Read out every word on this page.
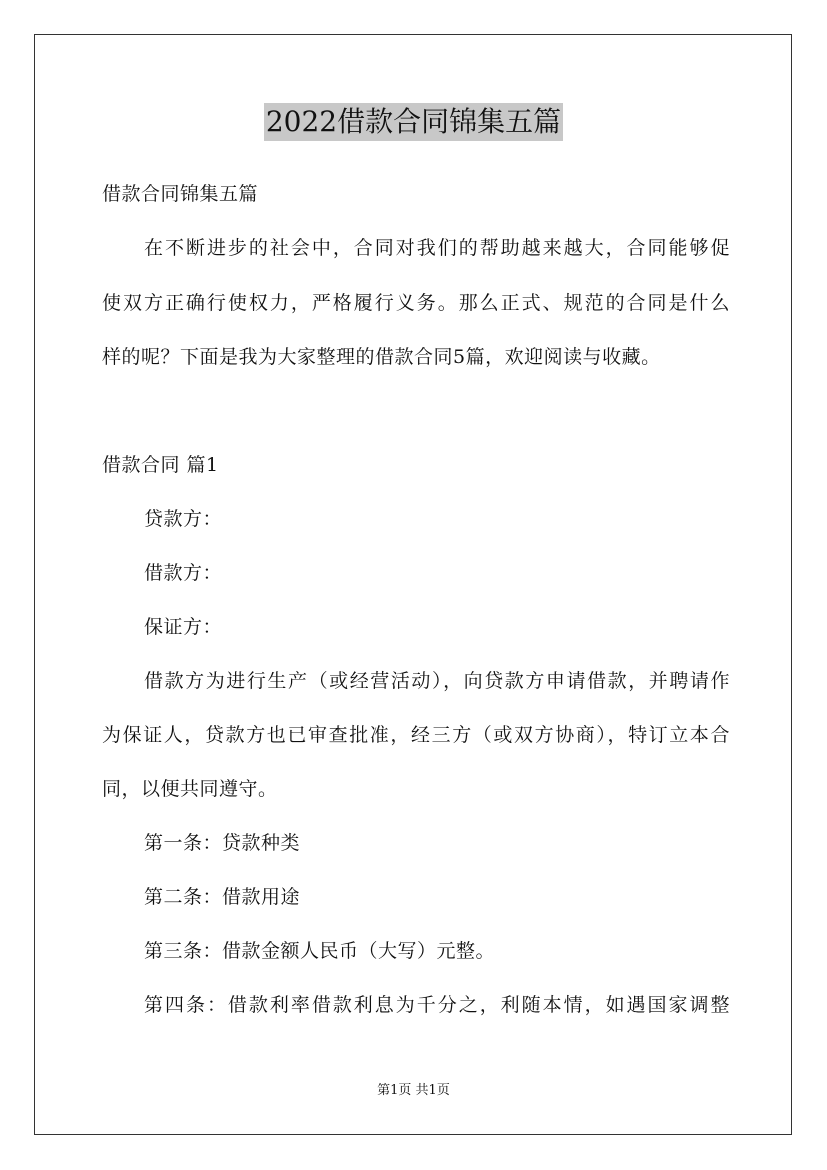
2022借款合同锦集五篇
借款合同锦集五篇
在不断进步的社会中，合同对我们的帮助越来越大，合同能够促
使双方正确行使权力，严格履行义务。那么正式、规范的合同是什么
样的呢？下面是我为大家整理的借款合同5篇，欢迎阅读与收藏。
借款合同 篇1
贷款方：
借款方：
保证方：
借款方为进行生产（或经营活动），向贷款方申请借款，并聘请作
为保证人，贷款方也已审查批准，经三方（或双方协商），特订立本合
同，以便共同遵守。
第一条：贷款种类
第二条：借款用途
第三条：借款金额人民币（大写）元整。
第四条：借款利率借款利息为千分之，利随本情，如遇国家调整
第1页 共1页
